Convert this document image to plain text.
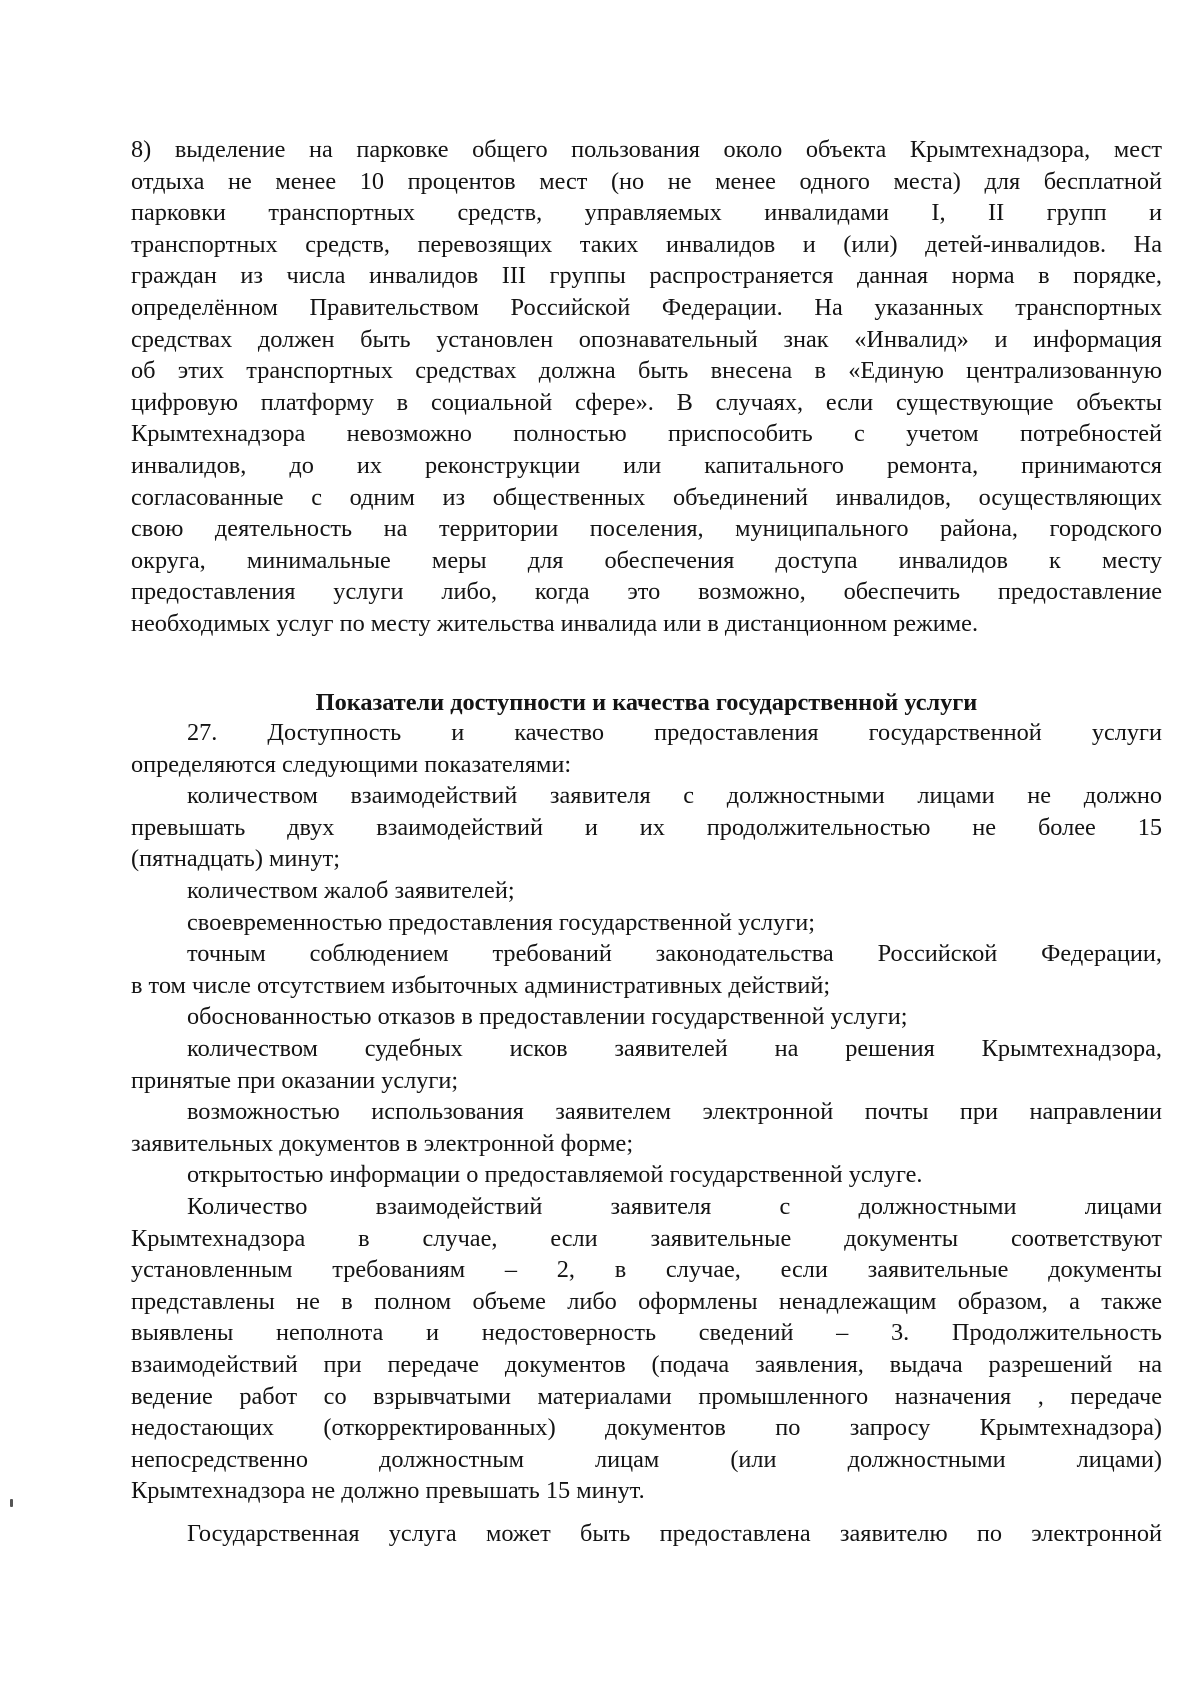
8) выделение на парковке общего пользования около объекта Крымтехнадзора, мест
отдыха не менее 10 процентов мест (но не менее одного места) для бесплатной
парковки транспортных средств, управляемых инвалидами I, II групп и
транспортных средств, перевозящих таких инвалидов и (или) детей-инвалидов. На
граждан из числа инвалидов III группы распространяется данная норма в порядке,
определённом Правительством Российской Федерации. На указанных транспортных
средствах должен быть установлен опознавательный знак «Инвалид» и информация
об этих транспортных средствах должна быть внесена в «Единую централизованную
цифровую платформу в социальной сфере». В случаях, если существующие объекты
Крымтехнадзора невозможно полностью приспособить с учетом потребностей
инвалидов, до их реконструкции или капитального ремонта, принимаются
согласованные с одним из общественных объединений инвалидов, осуществляющих
свою деятельность на территории поселения, муниципального района, городского
округа, минимальные меры для обеспечения доступа инвалидов к месту
предоставления услуги либо, когда это возможно, обеспечить предоставление
необходимых услуг по месту жительства инвалида или в дистанционном режиме.
Показатели доступности и качества государственной услуги
27. Доступность и качество предоставления государственной услуги
определяются следующими показателями:
количеством взаимодействий заявителя с должностными лицами не должно
превышать двух взаимодействий и их продолжительностью не более 15
(пятнадцать) минут;
количеством жалоб заявителей;
своевременностью предоставления государственной услуги;
точным соблюдением требований законодательства Российской Федерации,
в том числе отсутствием избыточных административных действий;
обоснованностью отказов в предоставлении государственной услуги;
количеством судебных исков заявителей на решения Крымтехнадзора,
принятые при оказании услуги;
возможностью использования заявителем электронной почты при направлении
заявительных документов в электронной форме;
открытостью информации о предоставляемой государственной услуге.
Количество взаимодействий заявителя с должностными лицами
Крымтехнадзора в случае, если заявительные документы соответствуют
установленным требованиям – 2, в случае, если заявительные документы
представлены не в полном объеме либо оформлены ненадлежащим образом, а также
выявлены неполнота и недостоверность сведений – 3. Продолжительность
взаимодействий при передаче документов (подача заявления, выдача разрешений на
ведение работ со взрывчатыми материалами промышленного назначения , передаче
недостающих (откорректированных) документов по запросу Крымтехнадзора)
непосредственно должностным лицам (или должностными лицами)
Крымтехнадзора не должно превышать 15 минут.
Государственная услуга может быть предоставлена заявителю по электронной
